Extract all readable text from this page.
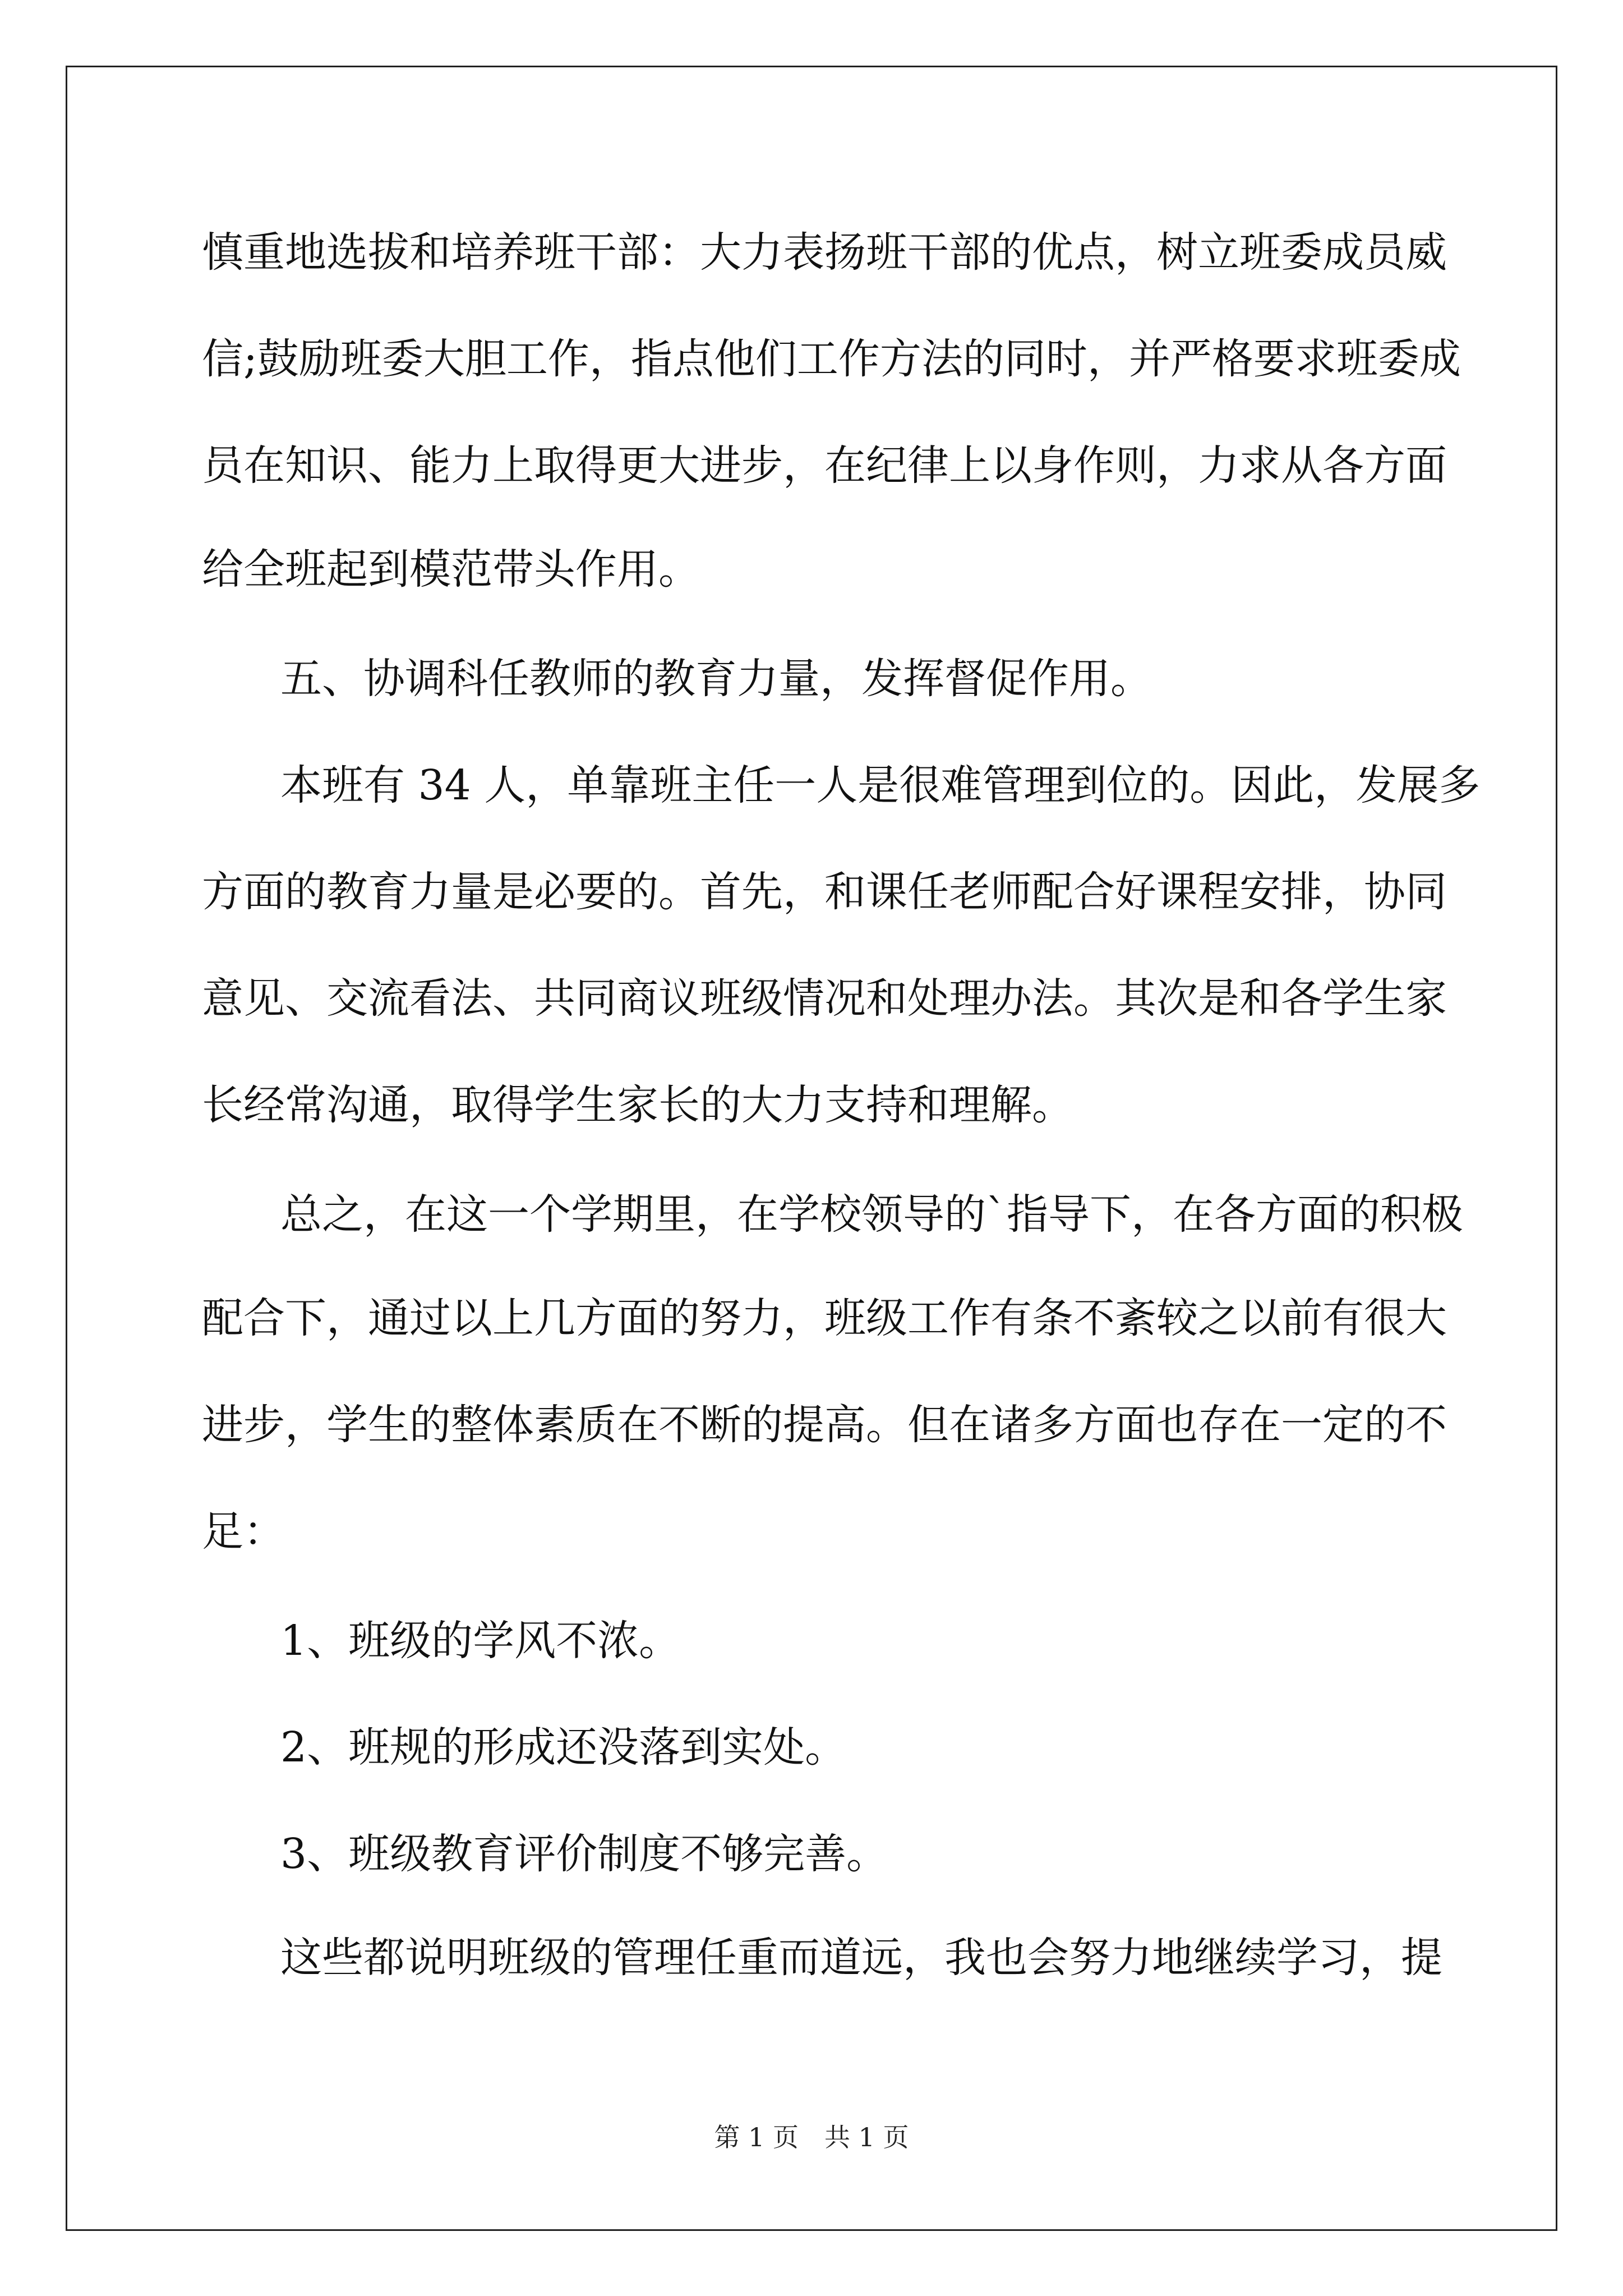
慎重地选拔和培养班干部：大力表扬班干部的优点，树立班委成员威
信;鼓励班委大胆工作，指点他们工作方法的同时，并严格要求班委成
员在知识、能力上取得更大进步，在纪律上以身作则，力求从各方面
给全班起到模范带头作用。
五、协调科任教师的教育力量，发挥督促作用。
本班有 34 人，单靠班主任一人是很难管理到位的。因此，发展多
方面的教育力量是必要的。首先，和课任老师配合好课程安排，协同
意见、交流看法、共同商议班级情况和处理办法。其次是和各学生家
长经常沟通，取得学生家长的大力支持和理解。
总之，在这一个学期里，在学校领导的`指导下，在各方面的积极
配合下，通过以上几方面的努力，班级工作有条不紊较之以前有很大
进步，学生的整体素质在不断的提高。但在诸多方面也存在一定的不
足：
1、班级的学风不浓。
2、班规的形成还没落到实处。
3、班级教育评价制度不够完善。
这些都说明班级的管理任重而道远，我也会努力地继续学习，提
第 1 页　共 1 页
